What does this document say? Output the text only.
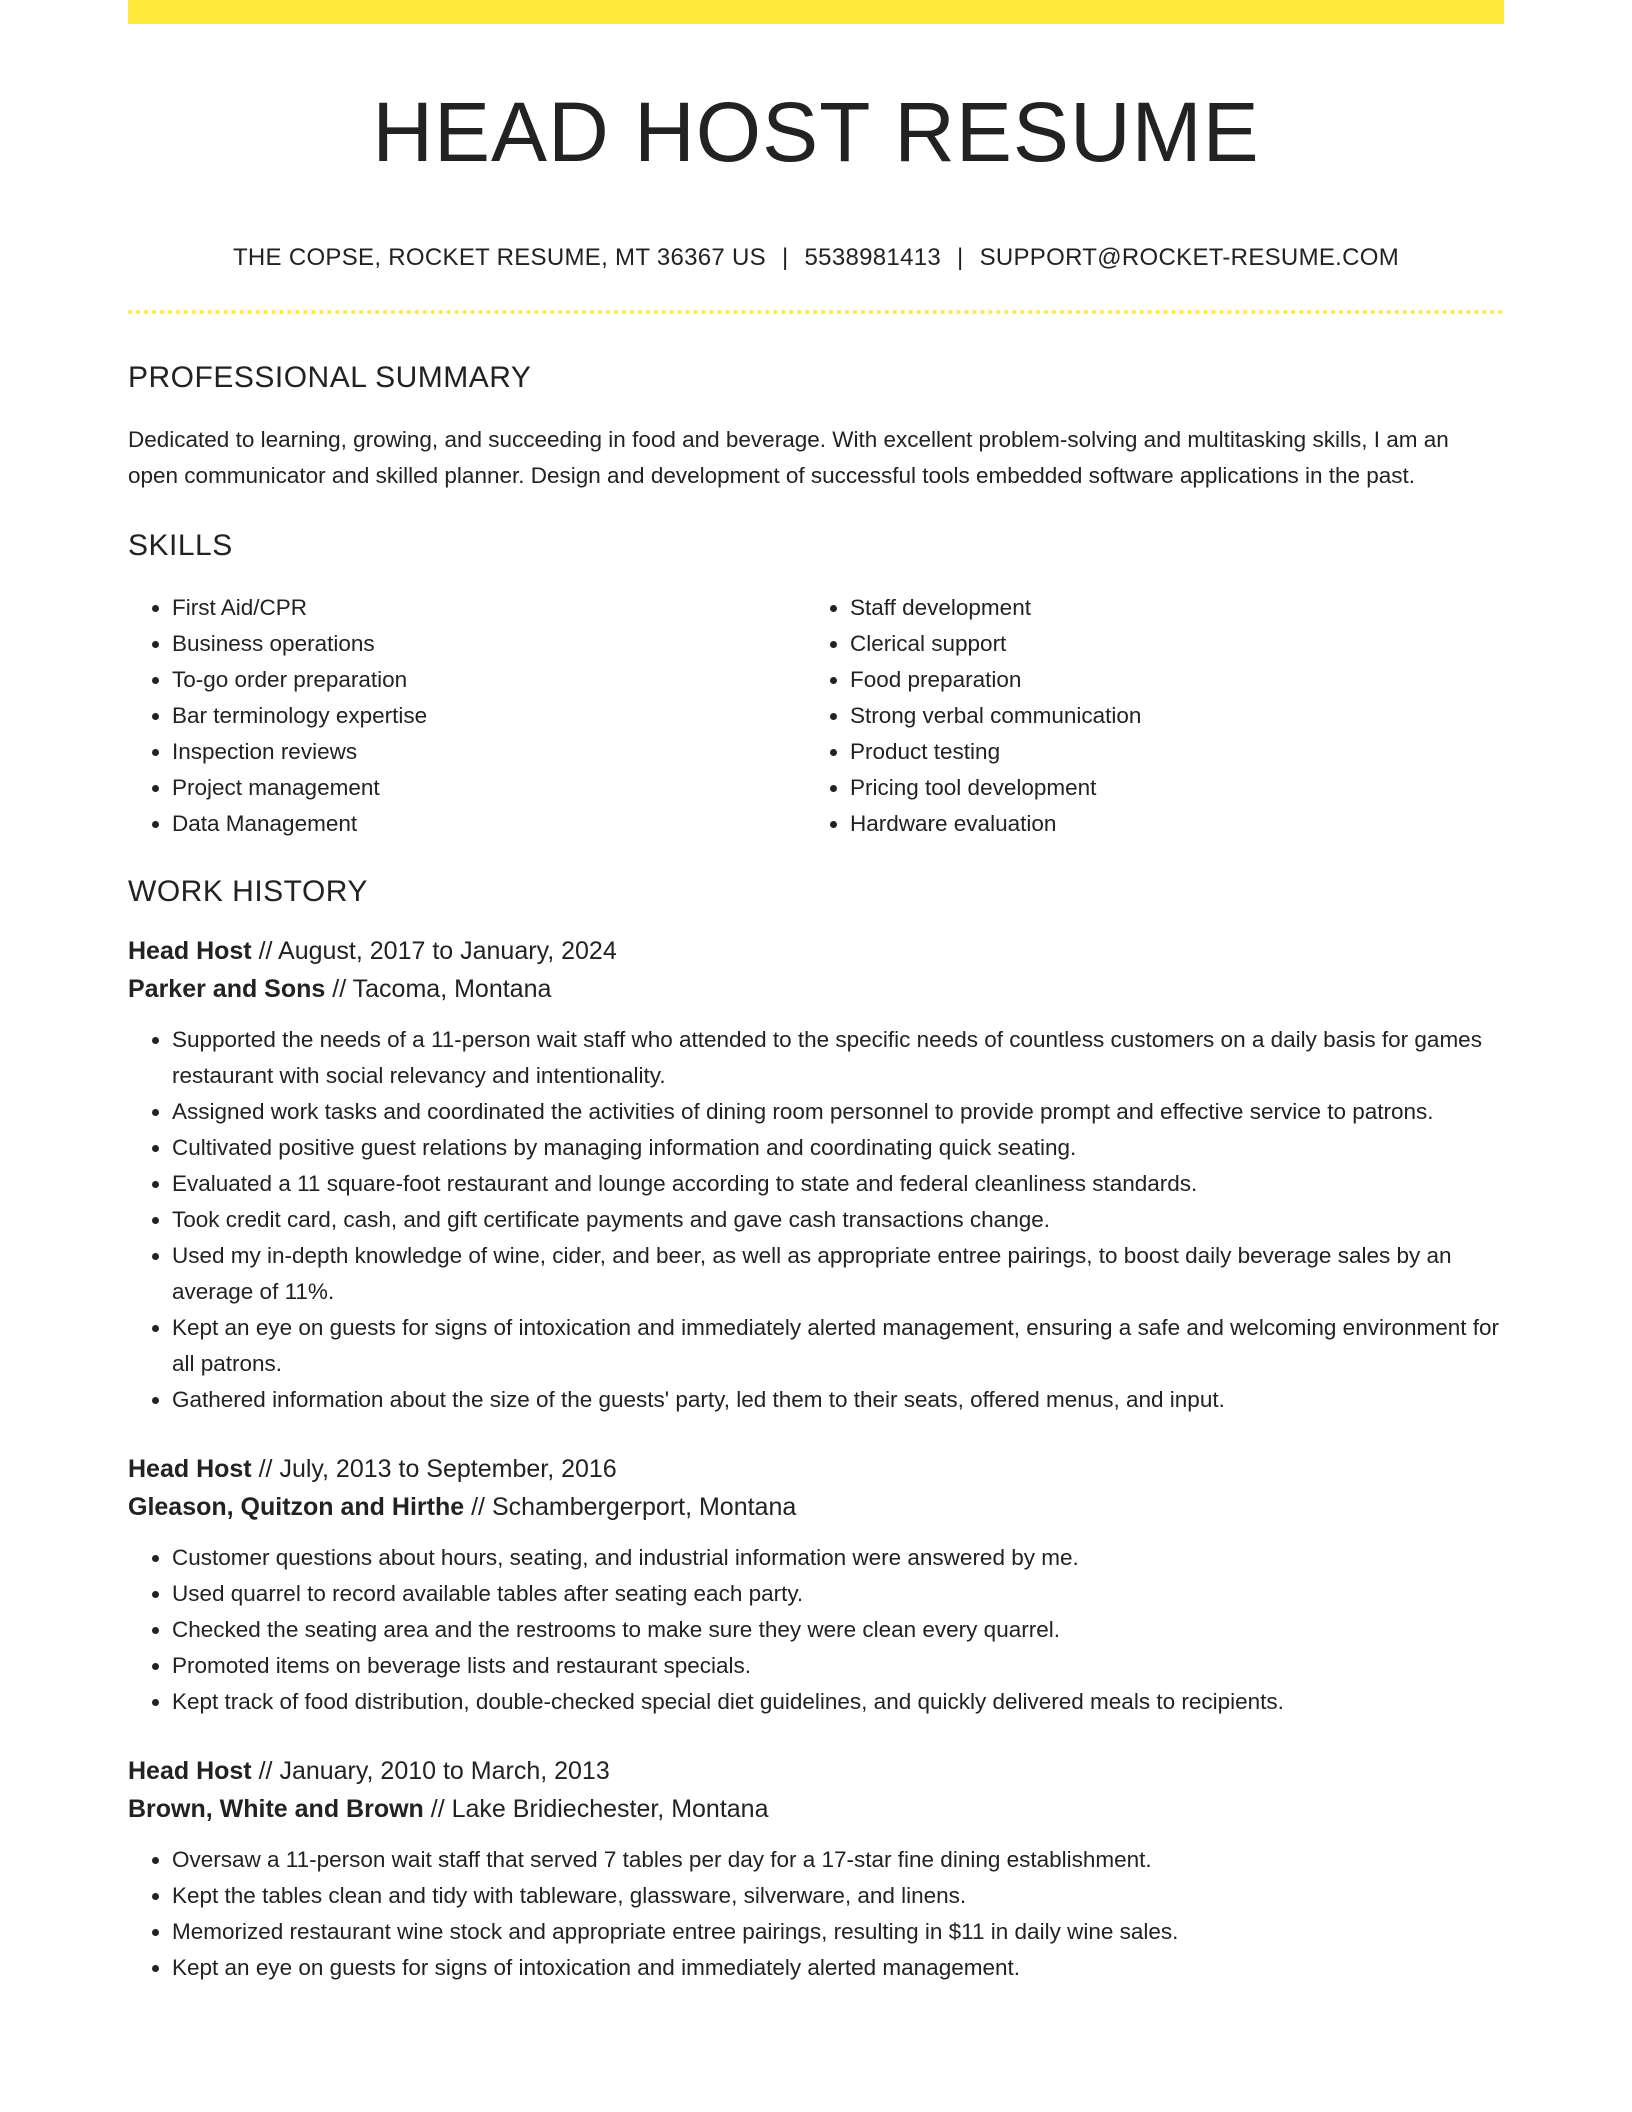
HEAD HOST RESUME
THE COPSE, ROCKET RESUME, MT 36367 US | 5538981413 | SUPPORT@ROCKET-RESUME.COM
PROFESSIONAL SUMMARY

Dedicated to learning, growing, and succeeding in food and beverage. With excellent problem-solving and multitasking skills, I am an open communicator and skilled planner. Design and development of successful tools embedded software applications in the past.

SKILLS
• First Aid/CPR
• Business operations
• To-go order preparation
• Bar terminology expertise
• Inspection reviews
• Project management
• Data Management
• Staff development
• Clerical support
• Food preparation
• Strong verbal communication
• Product testing
• Pricing tool development
• Hardware evaluation
WORK HISTORY
Head Host // August, 2017 to January, 2024
Parker and Sons // Tacoma, Montana
• Supported the needs of a 11-person wait staff who attended to the specific needs of countless customers on a daily basis for games restaurant with social relevancy and intentionality.
• Assigned work tasks and coordinated the activities of dining room personnel to provide prompt and effective service to patrons.
• Cultivated positive guest relations by managing information and coordinating quick seating.
• Evaluated a 11 square-foot restaurant and lounge according to state and federal cleanliness standards.
• Took credit card, cash, and gift certificate payments and gave cash transactions change.
• Used my in-depth knowledge of wine, cider, and beer, as well as appropriate entree pairings, to boost daily beverage sales by an average of 11%.
• Kept an eye on guests for signs of intoxication and immediately alerted management, ensuring a safe and welcoming environment for all patrons.
• Gathered information about the size of the guests' party, led them to their seats, offered menus, and input.
Head Host // July, 2013 to September, 2016
Gleason, Quitzon and Hirthe // Schambergerport, Montana
• Customer questions about hours, seating, and industrial information were answered by me.
• Used quarrel to record available tables after seating each party.
• Checked the seating area and the restrooms to make sure they were clean every quarrel.
• Promoted items on beverage lists and restaurant specials.
• Kept track of food distribution, double-checked special diet guidelines, and quickly delivered meals to recipients.
Head Host // January, 2010 to March, 2013
Brown, White and Brown // Lake Bridiechester, Montana
• Oversaw a 11-person wait staff that served 7 tables per day for a 17-star fine dining establishment.
• Kept the tables clean and tidy with tableware, glassware, silverware, and linens.
• Memorized restaurant wine stock and appropriate entree pairings, resulting in $11 in daily wine sales.
• Kept an eye on guests for signs of intoxication and immediately alerted management.
